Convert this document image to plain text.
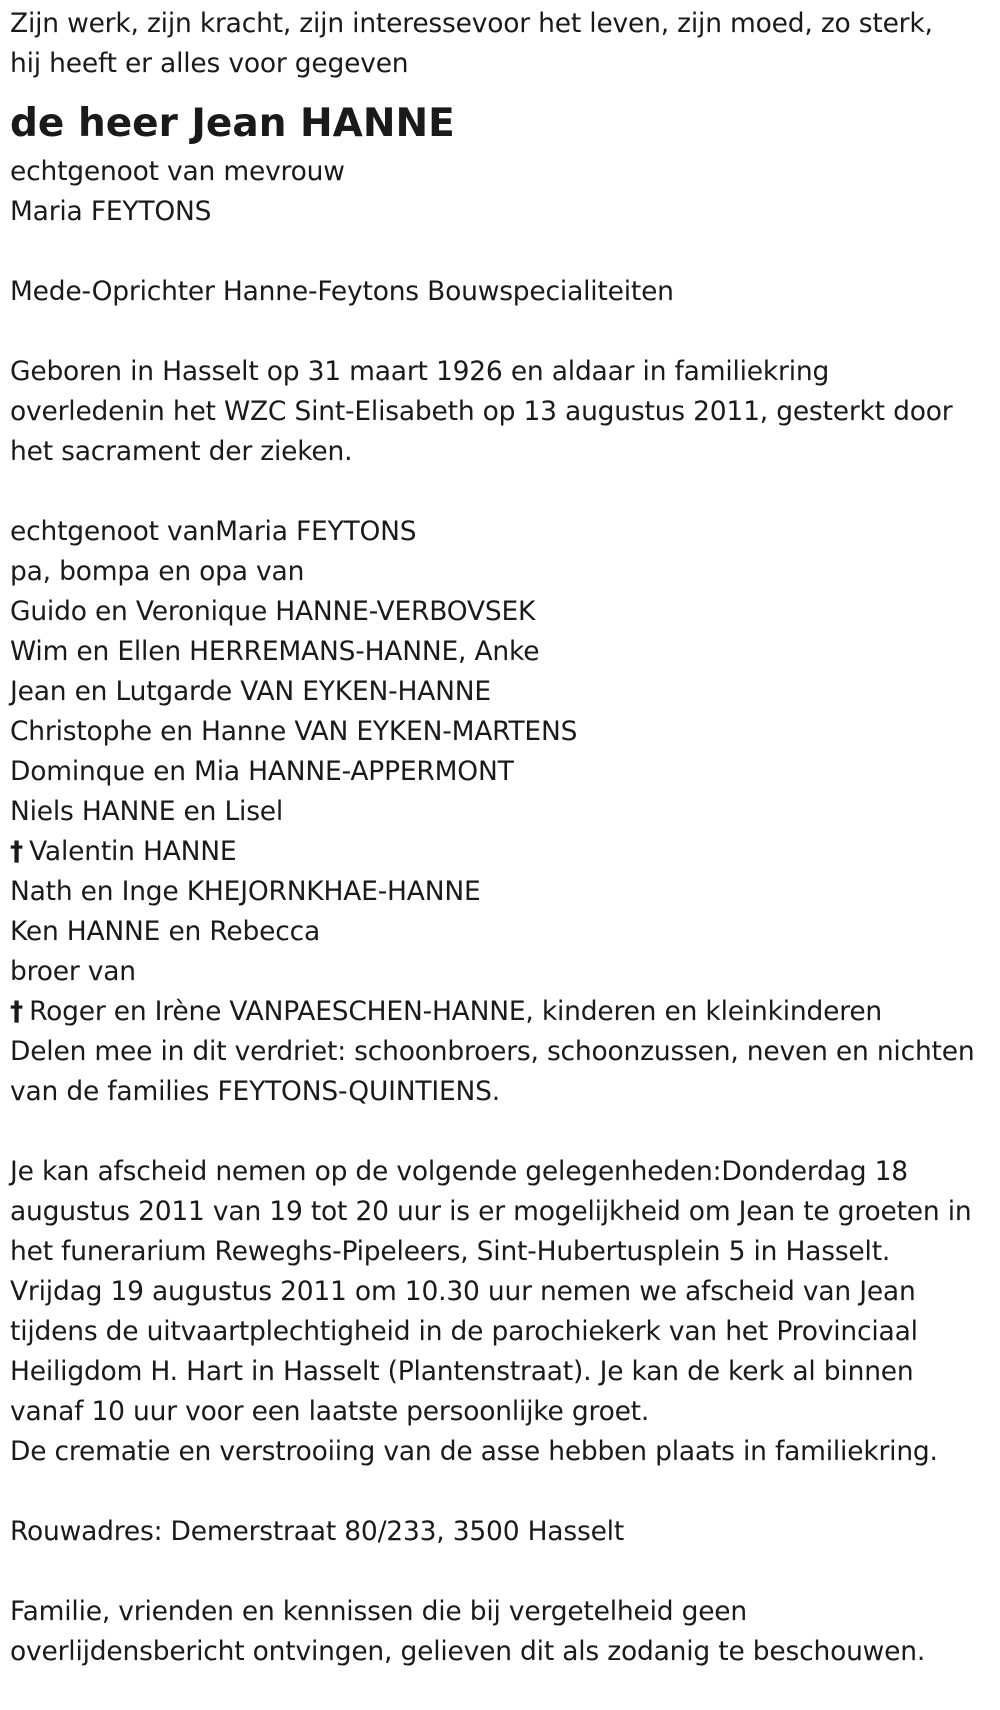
Zijn werk, zijn kracht, zijn interessevoor het leven, zijn moed, zo sterk,
hij heeft er alles voor gegeven
de heer Jean HANNE
echtgenoot van mevrouw
Maria FEYTONS
Mede-Oprichter Hanne-Feytons Bouwspecialiteiten
Geboren in Hasselt op 31 maart 1926 en aldaar in familiekring
overledenin het WZC Sint-Elisabeth op 13 augustus 2011, gesterkt door
het sacrament der zieken.
echtgenoot vanMaria FEYTONS
pa, bompa en opa van
Guido en Veronique HANNE-VERBOVSEK
Wim en Ellen HERREMANS-HANNE, Anke
Jean en Lutgarde VAN EYKEN-HANNE
Christophe en Hanne VAN EYKEN-MARTENS
Dominque en Mia HANNE-APPERMONT
Niels HANNE en Lisel
† Valentin HANNE
Nath en Inge KHEJORNKHAE-HANNE
Ken HANNE en Rebecca
broer van
† Roger en Irène VANPAESCHEN-HANNE, kinderen en kleinkinderen
Delen mee in dit verdriet: schoonbroers, schoonzussen, neven en nichten
van de families FEYTONS-QUINTIENS.
Je kan afscheid nemen op de volgende gelegenheden:Donderdag 18
augustus 2011 van 19 tot 20 uur is er mogelijkheid om Jean te groeten in
het funerarium Reweghs-Pipeleers, Sint-Hubertusplein 5 in Hasselt.
Vrijdag 19 augustus 2011 om 10.30 uur nemen we afscheid van Jean
tijdens de uitvaartplechtigheid in de parochiekerk van het Provinciaal
Heiligdom H. Hart in Hasselt (Plantenstraat). Je kan de kerk al binnen
vanaf 10 uur voor een laatste persoonlijke groet.
De crematie en verstrooiing van de asse hebben plaats in familiekring.
Rouwadres: Demerstraat 80/233, 3500 Hasselt
Familie, vrienden en kennissen die bij vergetelheid geen
overlijdensbericht ontvingen, gelieven dit als zodanig te beschouwen.
